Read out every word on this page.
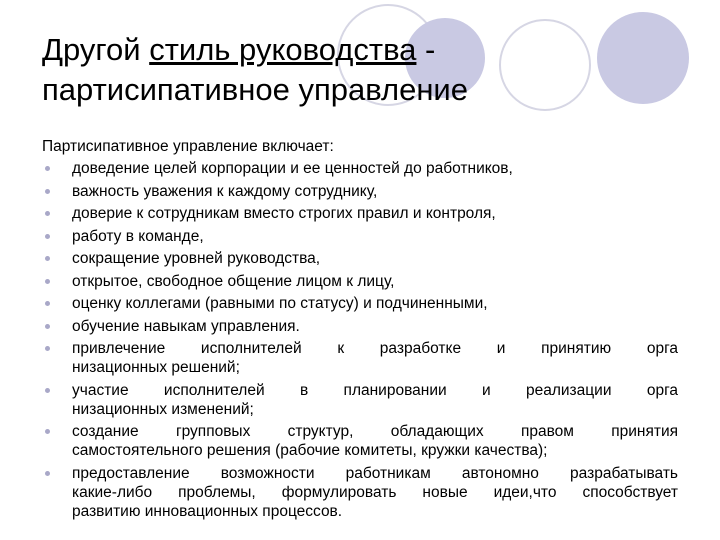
Другой стиль руководства -
партисипативное управление
Партисипативное управление включает:
доведение целей корпорации и ее ценностей до работников,
важность уважения к каждому сотруднику,
доверие к сотрудникам вместо строгих правил и контроля,
работу в команде,
сокращение уровней руководства,
открытое, свободное общение лицом к лицу,
оценку коллегами (равными по статусу) и подчиненными,
обучение навыкам управления.
привлечение исполнителей к разработке и принятию орга
низационных решений;
участие исполнителей в планировании и реализации орга
низационных изменений;
создание групповых структур, обладающих правом принятия
самостоятельного решения (рабочие комитеты, кружки качества);
предоставление возможности работникам автономно разрабатывать
какие-либо проблемы, формулировать новые идеи,что способствует
развитию инновационных процессов.
